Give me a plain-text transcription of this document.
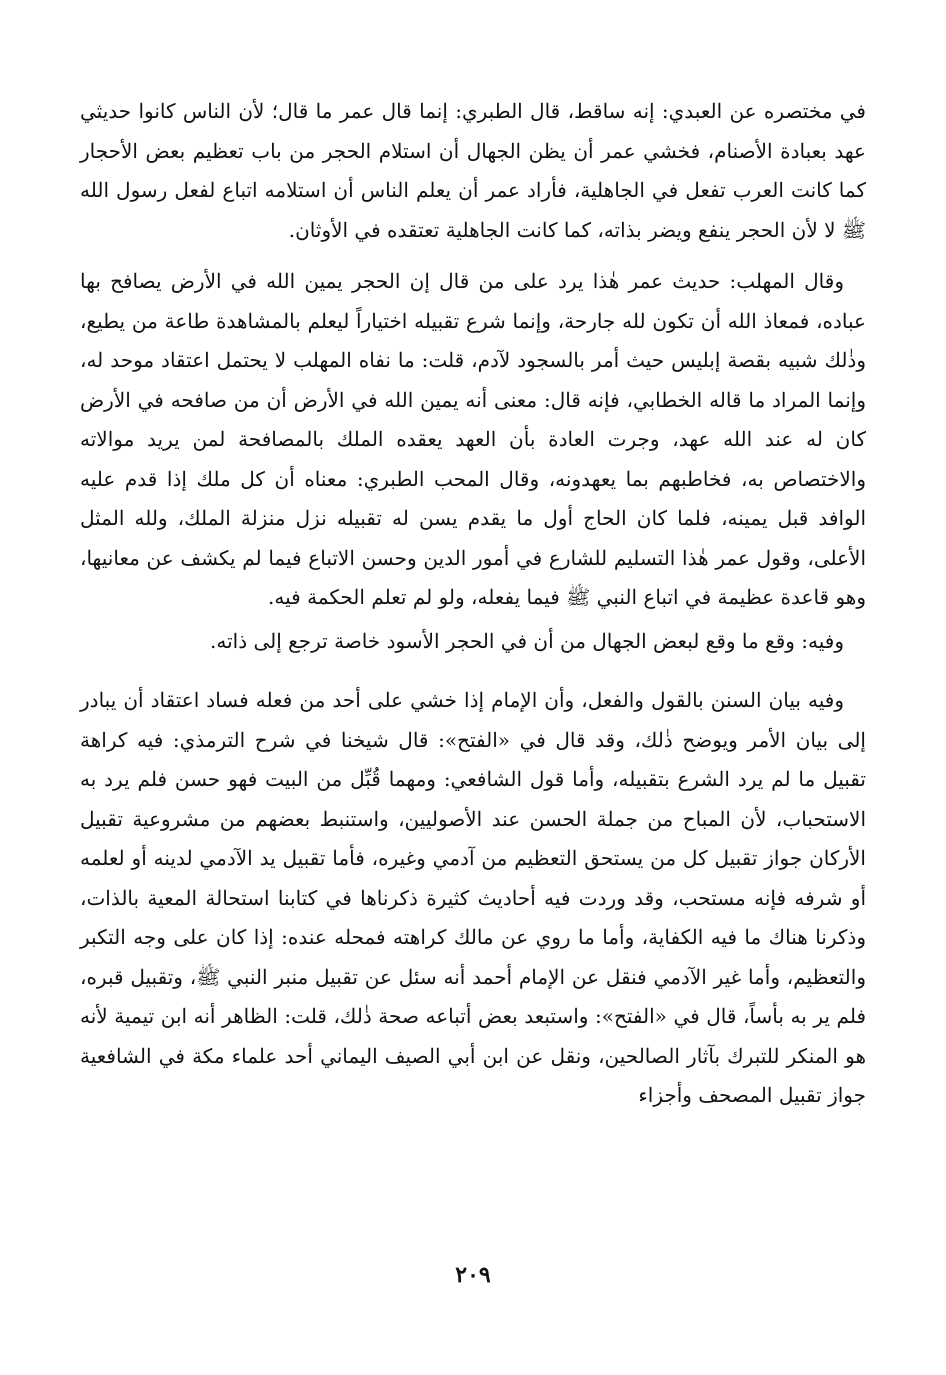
في مختصره عن العبدي: إنه ساقط، قال الطبري: إنما قال عمر ما قال؛ لأن الناس كانوا حديثي عهد بعبادة الأصنام، فخشي عمر أن يظن الجهال أن استلام الحجر من باب تعظيم بعض الأحجار كما كانت العرب تفعل في الجاهلية، فأراد عمر أن يعلم الناس أن استلامه اتباع لفعل رسول الله ﷺ لا لأن الحجر ينفع ويضر بذاته، كما كانت الجاهلية تعتقده في الأوثان.

وقال المهلب: حديث عمر هٰذا يرد على من قال إن الحجر يمين الله في الأرض يصافح بها عباده، فمعاذ الله أن تكون لله جارحة، وإنما شرع تقبيله اختياراً ليعلم بالمشاهدة طاعة من يطيع، وذٰلك شبيه بقصة إبليس حيث أمر بالسجود لآدم، قلت: ما نفاه المهلب لا يحتمل اعتقاد موحد له، وإنما المراد ما قاله الخطابي، فإنه قال: معنى أنه يمين الله في الأرض أن من صافحه في الأرض كان له عند الله عهد، وجرت العادة بأن العهد يعقده الملك بالمصافحة لمن يريد موالاته والاختصاص به، فخاطبهم بما يعهدونه، وقال المحب الطبري: معناه أن كل ملك إذا قدم عليه الوافد قبل يمينه، فلما كان الحاج أول ما يقدم يسن له تقبيله نزل منزلة الملك، ولله المثل الأعلى، وقول عمر هٰذا التسليم للشارع في أمور الدين وحسن الاتباع فيما لم يكشف عن معانيها، وهو قاعدة عظيمة في اتباع النبي ﷺ فيما يفعله، ولو لم تعلم الحكمة فيه.

وفيه: وقع ما وقع لبعض الجهال من أن في الحجر الأسود خاصة ترجع إلى ذاته.

وفيه بيان السنن بالقول والفعل، وأن الإمام إذا خشي على أحد من فعله فساد اعتقاد أن يبادر إلى بيان الأمر ويوضح ذٰلك، وقد قال في «الفتح»: قال شيخنا في شرح الترمذي: فيه كراهة تقبيل ما لم يرد الشرع بتقبيله، وأما قول الشافعي: ومهما قُبِّل من البيت فهو حسن فلم يرد به الاستحباب، لأن المباح من جملة الحسن عند الأصوليين، واستنبط بعضهم من مشروعية تقبيل الأركان جواز تقبيل كل من يستحق التعظيم من آدمي وغيره، فأما تقبيل يد الآدمي لدينه أو لعلمه أو شرفه فإنه مستحب، وقد وردت فيه أحاديث كثيرة ذكرناها في كتابنا استحالة المعية بالذات، وذكرنا هناك ما فيه الكفاية، وأما ما روي عن مالك كراهته فمحله عنده: إذا كان على وجه التكبر والتعظيم، وأما غير الآدمي فنقل عن الإمام أحمد أنه سئل عن تقبيل منبر النبي ﷺ، وتقبيل قبره، فلم ير به بأساً، قال في «الفتح»: واستبعد بعض أتباعه صحة ذٰلك، قلت: الظاهر أنه ابن تيمية لأنه هو المنكر للتبرك بآثار الصالحين، ونقل عن ابن أبي الصيف اليماني أحد علماء مكة في الشافعية جواز تقبيل المصحف وأجزاء

٢٠٩
